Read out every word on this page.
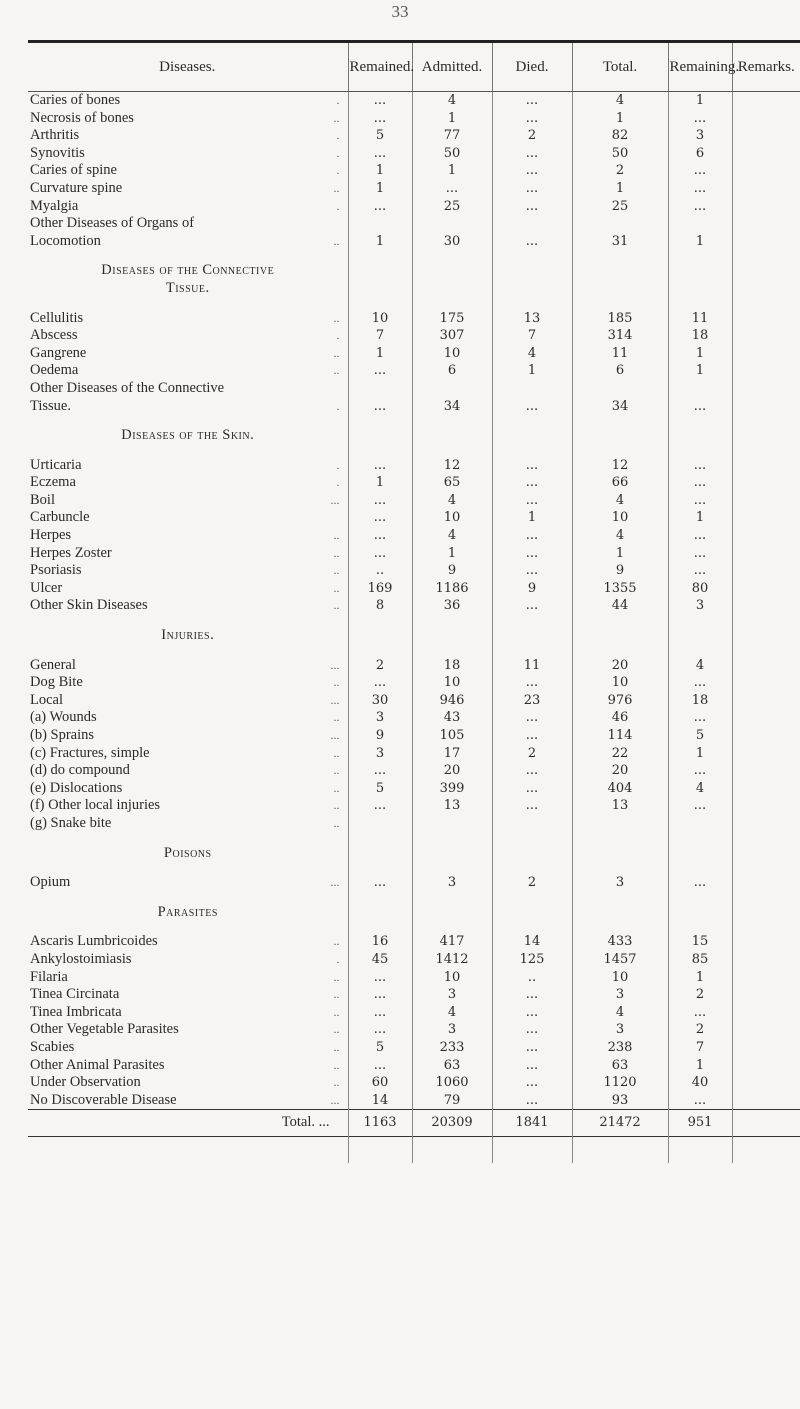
33
Diseases.	Remained.	Admitted.	Died.	Total.	Remaining.	Remarks.
Caries of bones .	...	4	...	4	1	
Necrosis of bones ..	...	1	...	1	...	
Arthritis .	5	77	2	82	3	
Synovitis .	...	50	...	50	6	
Caries of spine .	1	1	...	2	...	
Curvature spine ..	1	...	...	1	...	
Myalgia .	...	25	...	25	...	
Other Diseases of Organs of

Locomotion ..	1	30	...	31	1	

Diseases of the Connective						
Tissue.						

Cellulitis ..	10	175	13	185	11	
Abscess .	7	307	7	314	18	
Gangrene ..	1	10	4	11	1	
Oedema ..	...	6	1	6	1	
Other Diseases of the Connective

Tissue. .	...	34	...	34	...	

Diseases of the Skin.						

Urticaria .	...	12	...	12	...	
Eczema .	1	65	...	66	...	
Boil ...	...	4	...	4	...	
Carbuncle	...	10	1	10	1	
Herpes ..	...	4	...	4	...	
Herpes Zoster ..	...	1	...	1	...	
Psoriasis ..	..	9	...	9	...	
Ulcer ..	169	1186	9	1355	80	
Other Skin Diseases ..	8	36	...	44	3	

Injuries.						

General ...	2	18	11	20	4	
Dog Bite ..	...	10	...	10	...	
Local ...	30	946	23	976	18	
(a) Wounds ..	3	43	...	46	...	
(b) Sprains ...	9	105	...	114	5	
(c) Fractures, simple ..	3	17	2	22	1	
(d) do compound ..	...	20	...	20	...	
(e) Dislocations ..	5	399	...	404	4	
(f) Other local injuries ..	...	13	...	13	...	
(g) Snake bite ..						

Poisons						

Opium ...	...	3	2	3	...	

Parasites						

Ascaris Lumbricoides ..	16	417	14	433	15	
Ankylostoimiasis .	45	1412	125	1457	85	
Filaria ..	...	10	..	10	1	
Tinea Circinata ..	...	3	...	3	2	
Tinea Imbricata ..	...	4	...	4	...	
Other Vegetable Parasites ..	...	3	...	3	2	
Scabies ..	5	233	...	238	7	
Other Animal Parasites ..	...	63	...	63	1	
Under Observation ..	60	1060	...	1120	40	
No Discoverable Disease ...	14	79	...	93	...	
Total. ...	1163	20309	1841	21472	951	
